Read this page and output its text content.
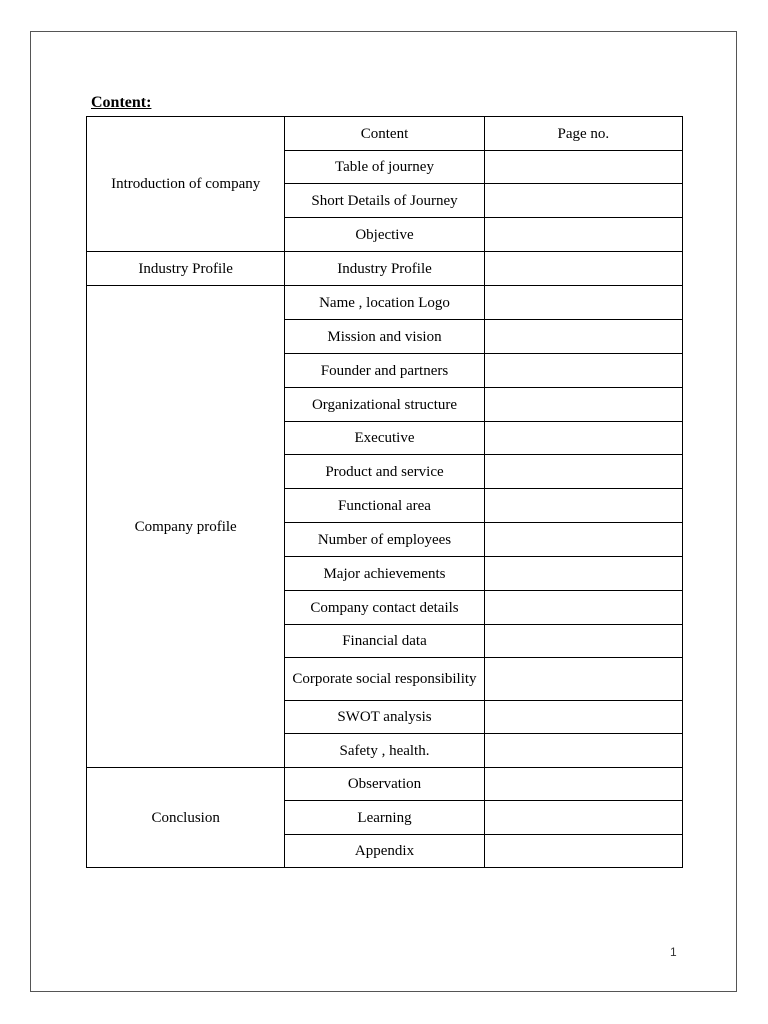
Content:
Introduction of company	Content	Page no.
	Table of journey	
	Short Details of Journey	
	Objective	
Industry Profile	Industry Profile	
Company profile	Name , location Logo	
	Mission and vision	
	Founder and partners	
	Organizational structure	
	Executive	
	Product and service	
	Functional area	
	Number of employees	
	Major achievements	
	Company contact details	
	Financial data	
	Corporate social responsibility	
	SWOT analysis	
	Safety , health.	
Conclusion	Observation	
	Learning	
	Appendix	
1
